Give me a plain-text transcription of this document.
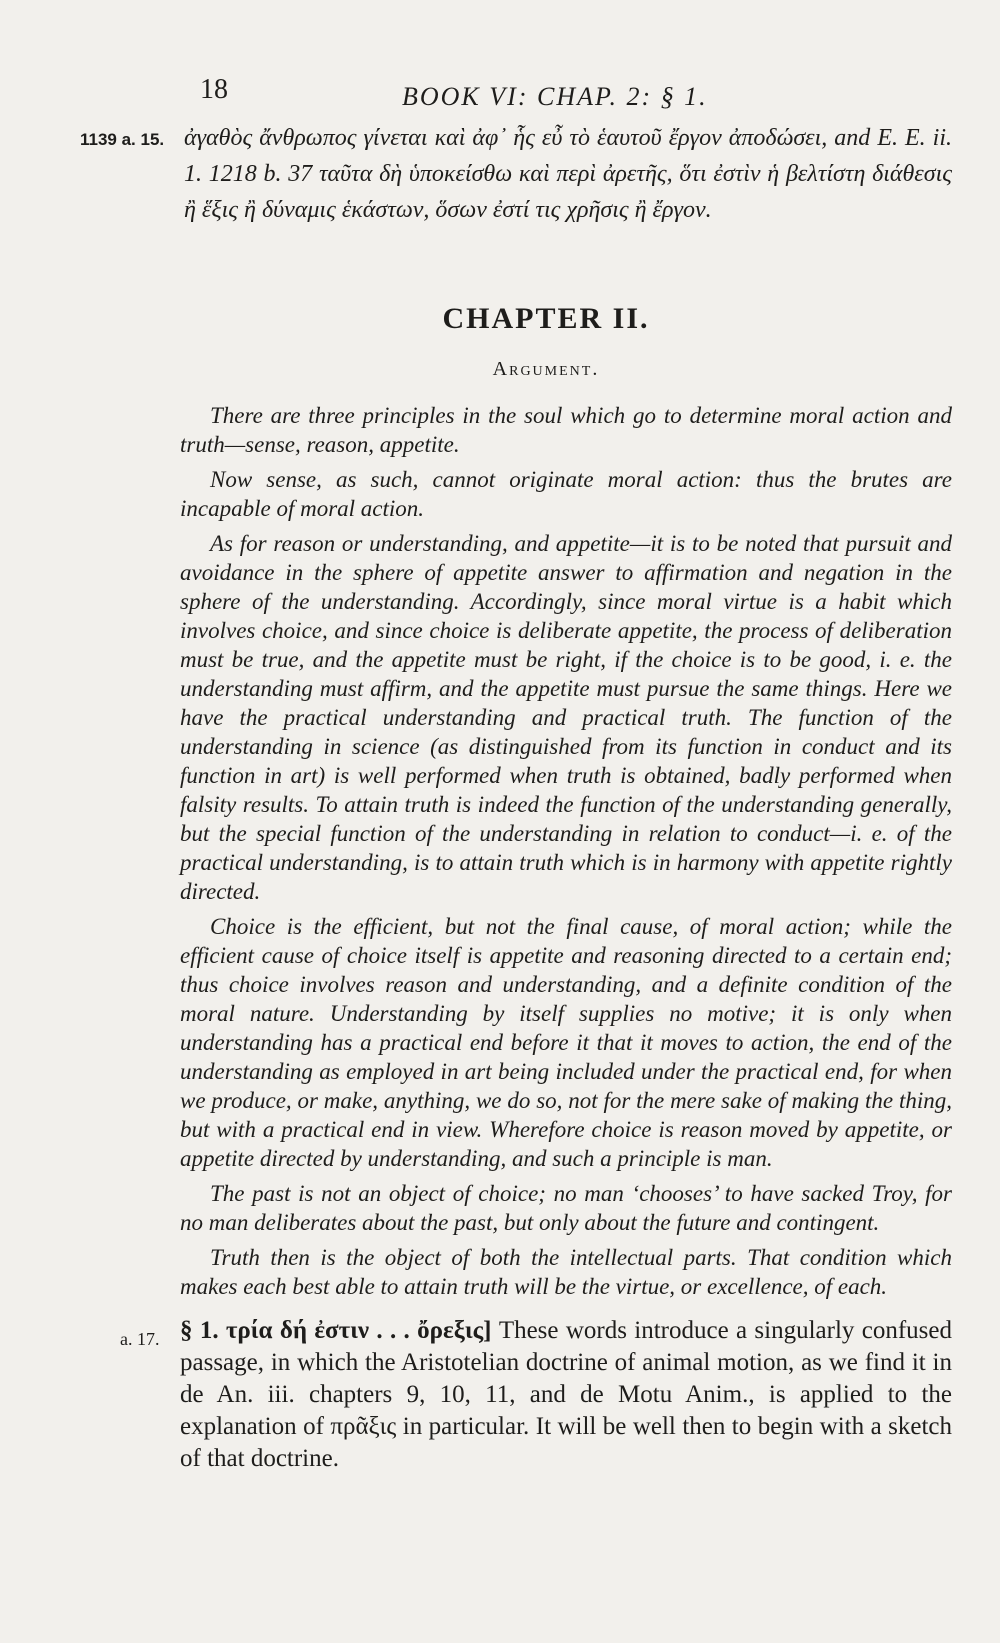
18	BOOK VI: CHAP. 2: § 1.
1139 a. 15. ἀγαθὸς ἄνθρωπος γίνεται καὶ ἀφ᾽ ἧς εὖ τὸ ἑαυτοῦ ἔργον ἀποδώσει, and E. E. ii. 1. 1218 b. 37 ταῦτα δὴ ὑποκείσθω καὶ περὶ ἀρετῆς, ὅτι ἐστὶν ἡ βελτίστη διάθεσις ἢ ἕξις ἢ δύναμις ἑκάστων, ὅσων ἐστί τις χρῆσις ἢ ἔργον.
CHAPTER II.
Argument.

There are three principles in the soul which go to determine moral action and truth—sense, reason, appetite.

Now sense, as such, cannot originate moral action: thus the brutes are incapable of moral action.

As for reason or understanding, and appetite—it is to be noted that pursuit and avoidance in the sphere of appetite answer to affirmation and negation in the sphere of the understanding. Accordingly, since moral virtue is a habit which involves choice, and since choice is deliberate appetite, the process of deliberation must be true, and the appetite must be right, if the choice is to be good, i. e. the understanding must affirm, and the appetite must pursue the same things. Here we have the practical understanding and practical truth. The function of the understanding in science (as distinguished from its function in conduct and its function in art) is well performed when truth is obtained, badly performed when falsity results. To attain truth is indeed the function of the understanding generally, but the special function of the understanding in relation to conduct—i. e. of the practical understanding, is to attain truth which is in harmony with appetite rightly directed.

Choice is the efficient, but not the final cause, of moral action; while the efficient cause of choice itself is appetite and reasoning directed to a certain end; thus choice involves reason and understanding, and a definite condition of the moral nature. Understanding by itself supplies no motive; it is only when understanding has a practical end before it that it moves to action, the end of the understanding as employed in art being included under the practical end, for when we produce, or make, anything, we do so, not for the mere sake of making the thing, but with a practical end in view. Wherefore choice is reason moved by appetite, or appetite directed by understanding, and such a principle is man.

The past is not an object of choice; no man ‘chooses’ to have sacked Troy, for no man deliberates about the past, but only about the future and contingent.

Truth then is the object of both the intellectual parts. That condition which makes each best able to attain truth will be the virtue, or excellence, of each.

a. 17. § 1. τρία δή ἐστιν . . . ὄρεξις] These words introduce a singularly confused passage, in which the Aristotelian doctrine of animal motion, as we find it in de An. iii. chapters 9, 10, 11, and de Motu Anim., is applied to the explanation of πρᾶξις in particular. It will be well then to begin with a sketch of that doctrine.
